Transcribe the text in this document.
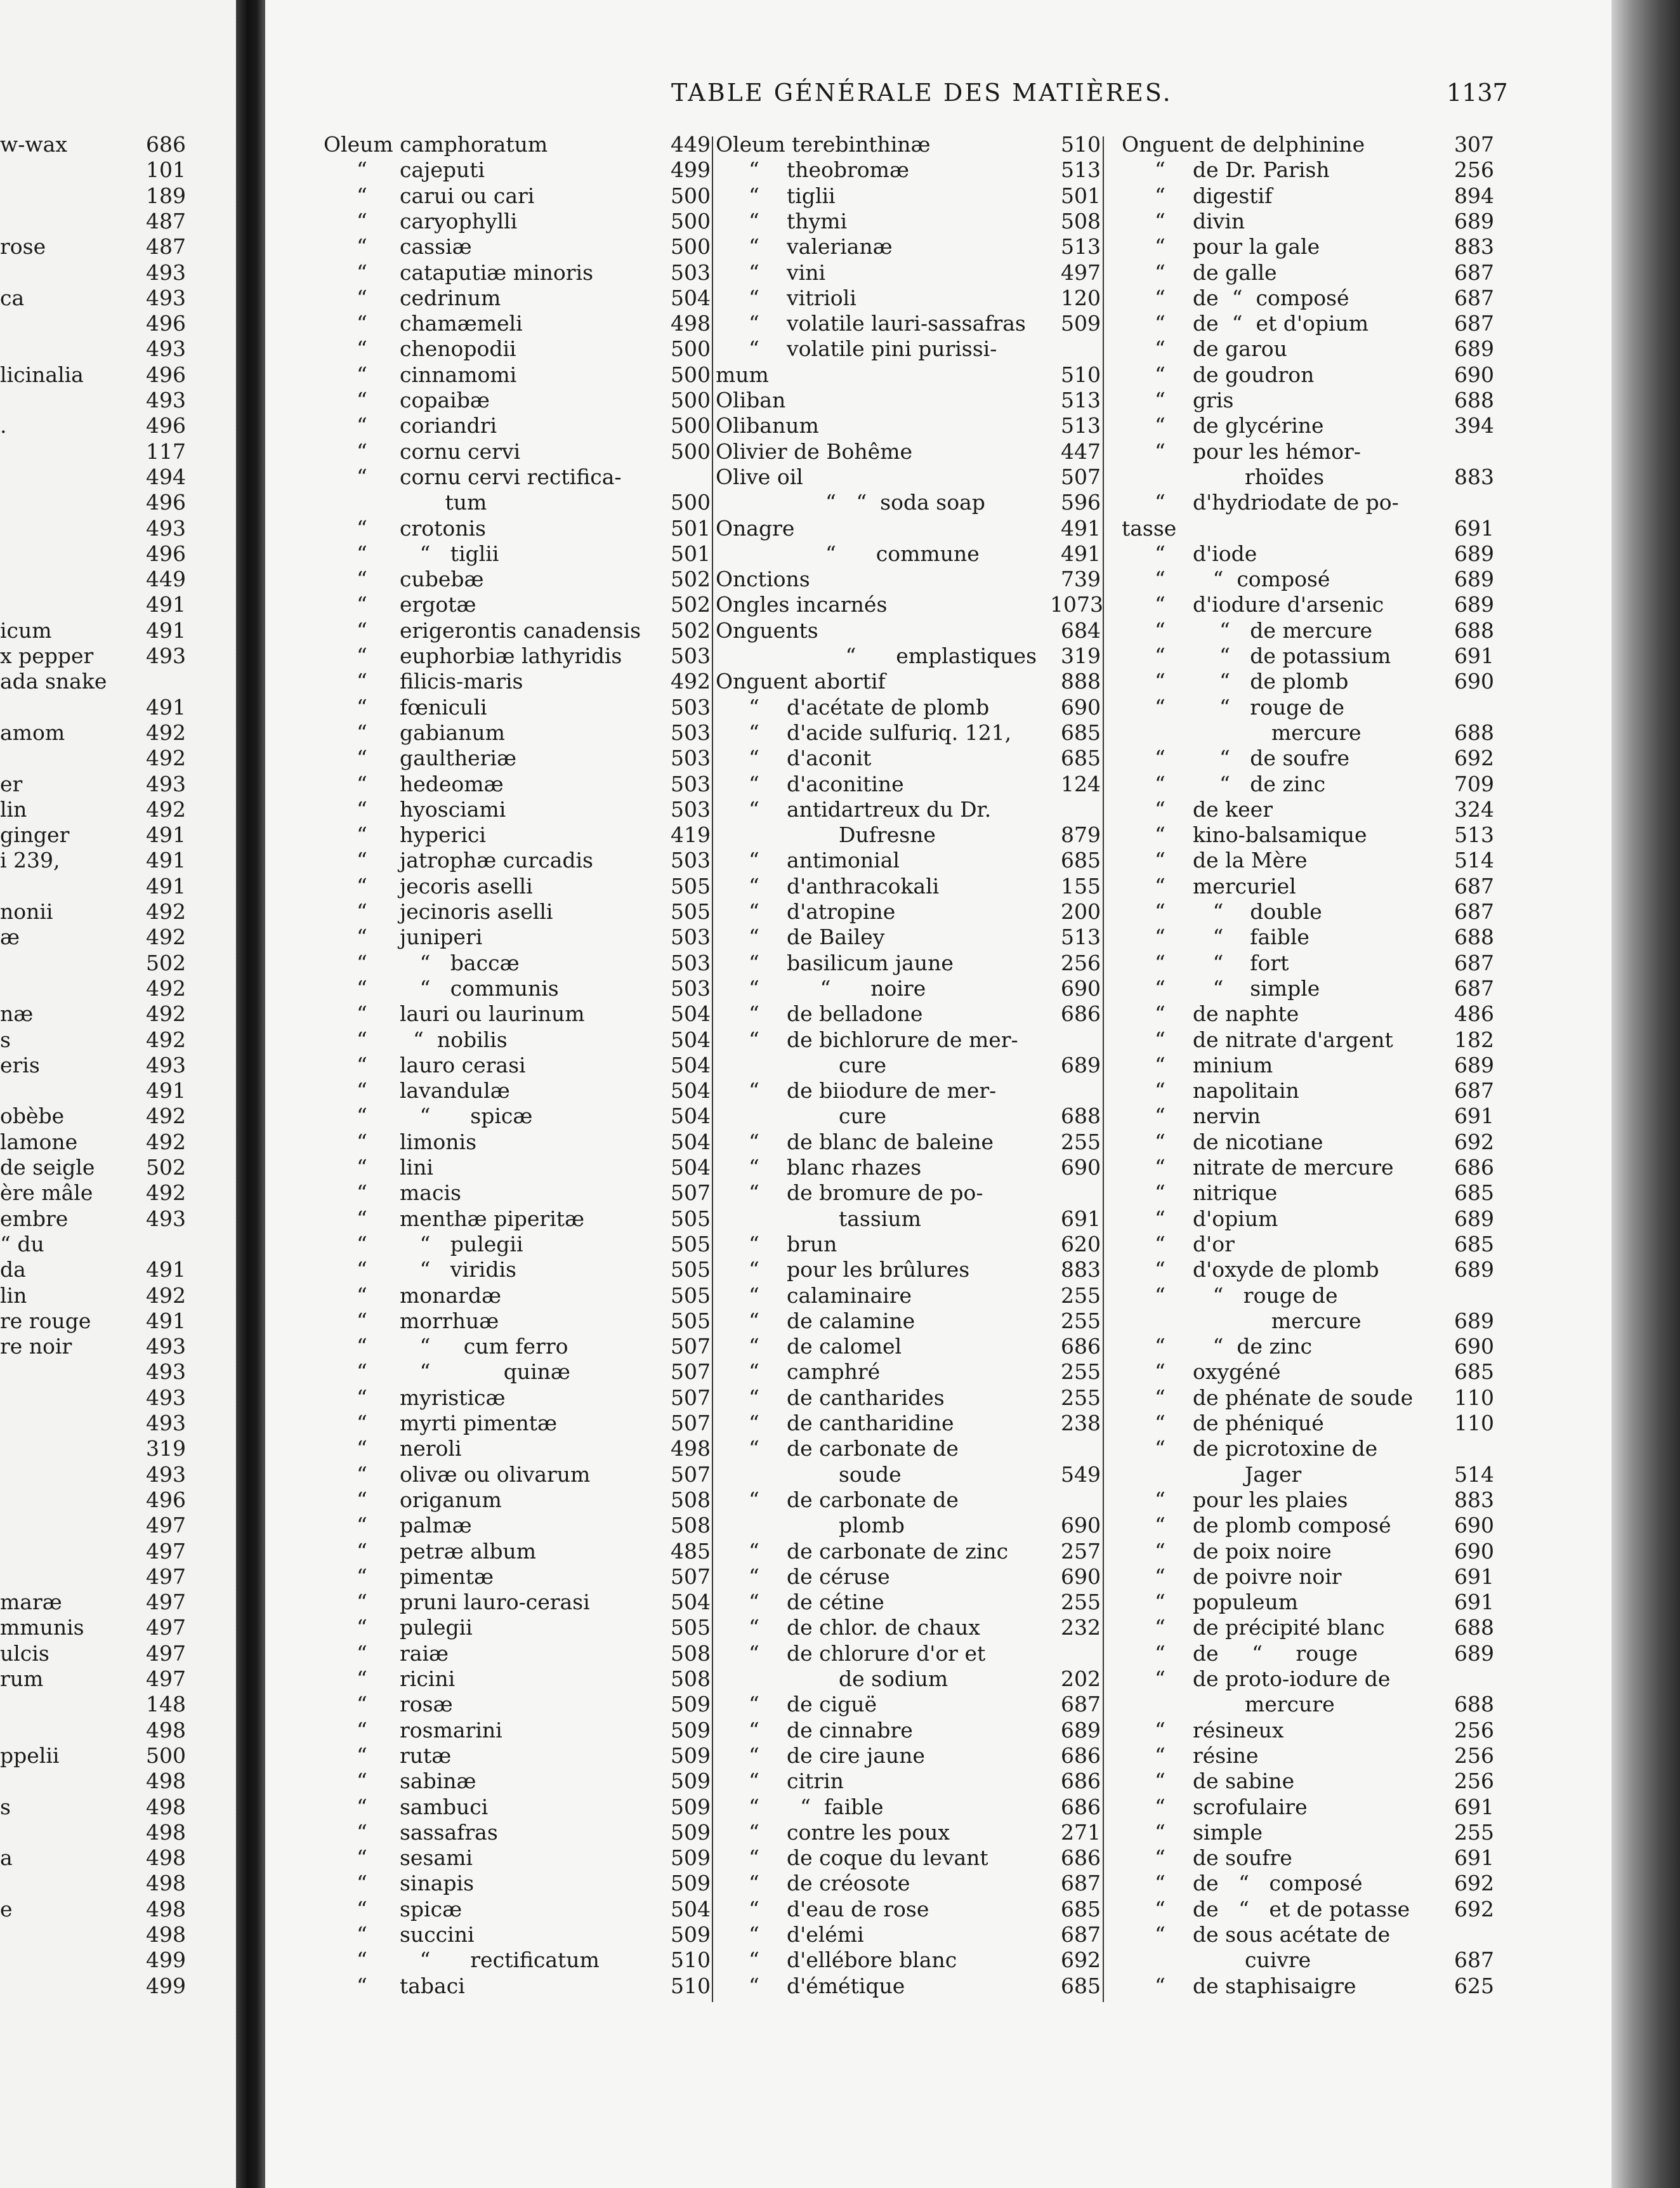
w-wax	686
101
189
487
rose	487
493
ca	493
496
493
licinalia	496
493
.	496
117
494
496
493
496
449
491
icum	491
x pepper	493
ada snake
491
amom	492
492
er	493
lin	492
ginger	491
i 239,	491
491
nonii	492
æ	492
502
492
næ	492
s	492
eris	493
491
obèbe	492
lamone	492
de seigle 502
ère mâle	492
embre	493
“ du
da	491
lin	492
re rouge	491
re noir	493
493
493
493
319
493
496
497
497
497
maræ	497
mmunis	497
ulcis	497
rum	497
148
498
ppelii	500
498
s	498
498
a	498
498
e	498
498
499
499
TABLE GÉNÉRALE DES MATIÈRES.	1137
Oleum camphoratum	449
“ cajeputi	499
“ carui ou cari	500
“ caryophylli	500
“ cassiæ	500
“ cataputiæ minoris	503
“ cedrinum	504
“ chamæmeli	498
“ chenopodii	500
“ cinnamomi	500
“ copaibæ	500
“ coriandri	500
“ cornu cervi	500
“ cornu cervi rectifica-
tum	500
“ crotonis	501
“ “   tiglii	501
“ cubebæ	502
“ ergotæ	502
“ erigerontis canadensis	502
“ euphorbiæ lathyridis	503
“ filicis-maris	492
“ fœniculi	503
“ gabianum	503
“ gaultheriæ	503
“ hedeomæ	503
“ hyosciami	503
“ hyperici	419
“ jatrophæ curcadis	503
“ jecoris aselli	505
“ jecinoris aselli	505
“ juniperi	503
“ “   baccæ	503
“ “   communis	503
“ lauri ou laurinum	504
“ “  nobilis	504
“ lauro cerasi	504
“ lavandulæ	504
“ “      spicæ	504
“ limonis	504
“ lini	504
“ macis	507
“ menthæ piperitæ	505
“ “   pulegii	505
“ “   viridis	505
“ monardæ	505
“ morrhuæ	505
“ “     cum ferro	507
“ “           quinæ	507
“ myristicæ	507
“ myrti pimentæ	507
“ neroli	498
“ olivæ ou olivarum	507
“ origanum	508
“ palmæ	508
“ petræ album	485
“ pimentæ	507
“ pruni lauro-cerasi	504
“ pulegii	505
“ raiæ	508
“ ricini	508
“ rosæ	509
“ rosmarini	509
“ rutæ	509
“ sabinæ	509
“ sambuci	509
“ sassafras	509
“ sesami	509
“ sinapis	509
“ spicæ	504
“ succini	509
“ “      rectificatum	510
“ tabaci	510
Oleum terebinthinæ	510
“ theobromæ	513
“ tiglii	501
“ thymi	508
“ valerianæ	513
“ vini	497
“ vitrioli	120
“ volatile lauri-sassafras	509
“ volatile pini purissi-
mum	510
Oliban	513
Olibanum	513
Olivier de Bohême	447
Olive oil	507
“   “  soda soap	596
Onagre	491
“      commune	491
Onctions	739
Ongles incarnés	1073
Onguents	684
“      emplastiques	319
Onguent abortif	888
“ d'acétate de plomb	690
“ d'acide sulfuriq. 121,	685
“ d'aconit	685
“ d'aconitine	124
“ antidartreux du Dr.
Dufresne	879
“ antimonial	685
“ d'anthracokali	155
“ d'atropine	200
“ de Bailey	513
“ basilicum jaune	256
“ “      noire	690
“ de belladone	686
“ de bichlorure de mer-
cure	689
“ de biiodure de mer-
cure	688
“ de blanc de baleine	255
“ blanc rhazes	690
“ de bromure de po-
tassium	691
“ brun	620
“ pour les brûlures	883
“ calaminaire	255
“ de calamine	255
“ de calomel	686
“ camphré	255
“ de cantharides	255
“ de cantharidine	238
“ de carbonate de
soude	549
“ de carbonate de
plomb	690
“ de carbonate de zinc	257
“ de céruse	690
“ de cétine	255
“ de chlor. de chaux	232
“ de chlorure d'or et
de sodium	202
“ de ciguë	687
“ de cinnabre	689
“ de cire jaune	686
“ citrin	686
“ “  faible	686
“ contre les poux	271
“ de coque du levant	686
“ de créosote	687
“ d'eau de rose	685
“ d'elémi	687
“ d'ellébore blanc	692
“ d'émétique	685
Onguent de delphinine	307
“ de Dr. Parish	256
“ digestif	894
“ divin	689
“ pour la gale	883
“ de galle	687
“ de  “  composé	687
“ de  “  et d'opium	687
“ de garou	689
“ de goudron	690
“ gris	688
“ de glycérine	394
“ pour les hémor-
rhoïdes	883
“ d'hydriodate de po-
tasse	691
“ d'iode	689
“ “  composé	689
“ d'iodure d'arsenic	689
“ “   de mercure	688
“ “   de potassium	691
“ “   de plomb	690
“ “   rouge de
mercure	688
“ “   de soufre	692
“ “   de zinc	709
“ de keer	324
“ kino-balsamique	513
“ de la Mère	514
“ mercuriel	687
“ “    double	687
“ “    faible	688
“ “    fort	687
“ “    simple	687
“ de naphte	486
“ de nitrate d'argent	182
“ minium	689
“ napolitain	687
“ nervin	691
“ de nicotiane	692
“ nitrate de mercure	686
“ nitrique	685
“ d'opium	689
“ d'or	685
“ d'oxyde de plomb	689
“ “   rouge de
mercure	689
“ “  de zinc	690
“ oxygéné	685
“ de phénate de soude	110
“ de phéniqué	110
“ de picrotoxine de
Jager	514
“ pour les plaies	883
“ de plomb composé	690
“ de poix noire	690
“ de poivre noir	691
“ populeum	691
“ de précipité blanc	688
“ de     “     rouge	689
“ de proto-iodure de
mercure	688
“ résineux	256
“ résine	256
“ de sabine	256
“ scrofulaire	691
“ simple	255
“ de soufre	691
“ de   “   composé	692
“ de   “   et de potasse	692
“ de sous acétate de
cuivre	687
“ de staphisaigre	625
